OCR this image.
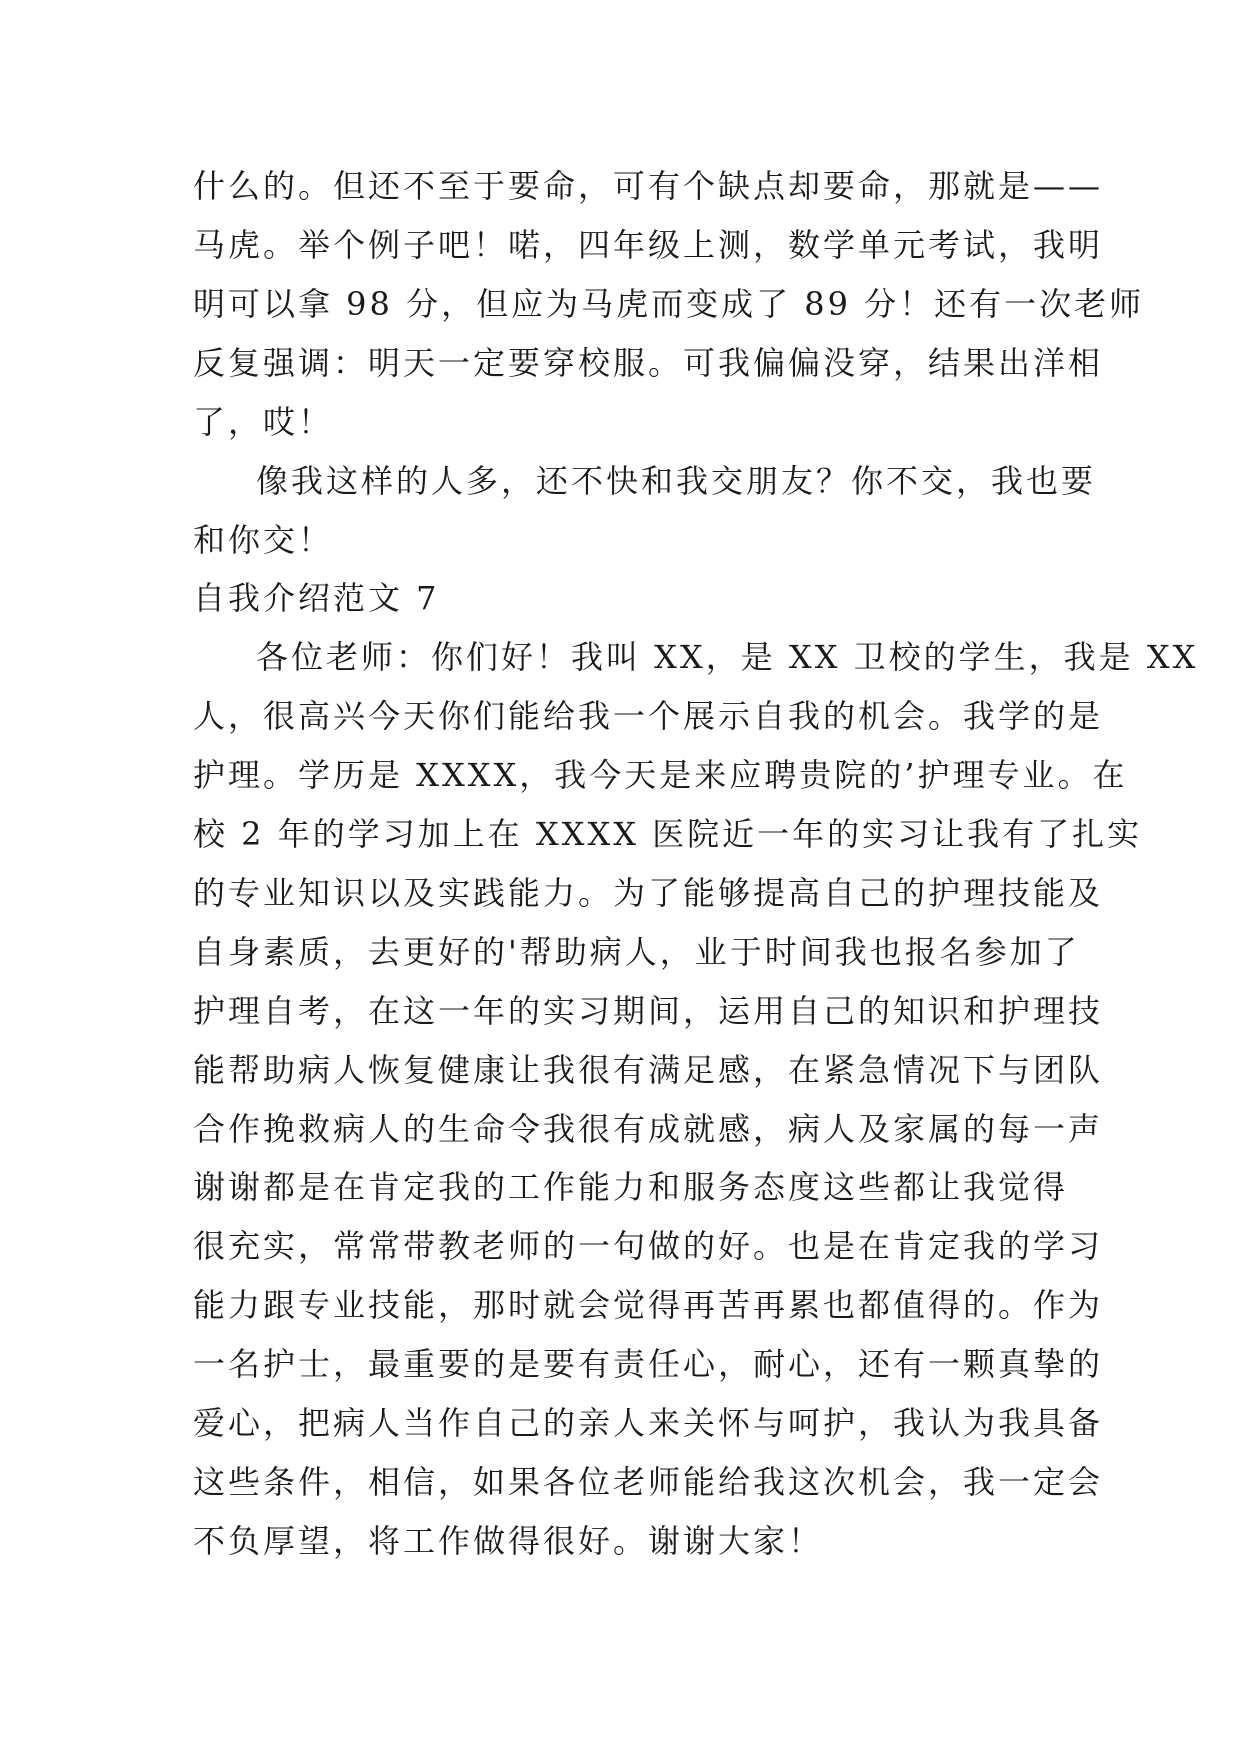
什么的。但还不至于要命，可有个缺点却要命，那就是——
马虎。举个例子吧！喏，四年级上测，数学单元考试，我明
明可以拿 98 分，但应为马虎而变成了 89 分！还有一次老师
反复强调：明天一定要穿校服。可我偏偏没穿，结果出洋相
了，哎！
像我这样的人多，还不快和我交朋友？你不交，我也要
和你交！
自我介绍范文 7
各位老师：你们好！我叫 XX，是 XX 卫校的学生，我是 XX
人，很高兴今天你们能给我一个展示自我的机会。我学的是
护理。学历是 XXXX，我今天是来应聘贵院的’护理专业。在
校 2 年的学习加上在 XXXX 医院近一年的实习让我有了扎实
的专业知识以及实践能力。为了能够提高自己的护理技能及
自身素质，去更好的'帮助病人，业于时间我也报名参加了
护理自考，在这一年的实习期间，运用自己的知识和护理技
能帮助病人恢复健康让我很有满足感，在紧急情况下与团队
合作挽救病人的生命令我很有成就感，病人及家属的每一声
谢谢都是在肯定我的工作能力和服务态度这些都让我觉得
很充实，常常带教老师的一句做的好。也是在肯定我的学习
能力跟专业技能，那时就会觉得再苦再累也都值得的。作为
一名护士，最重要的是要有责任心，耐心，还有一颗真挚的
爱心，把病人当作自己的亲人来关怀与呵护，我认为我具备
这些条件，相信，如果各位老师能给我这次机会，我一定会
不负厚望，将工作做得很好。谢谢大家！
